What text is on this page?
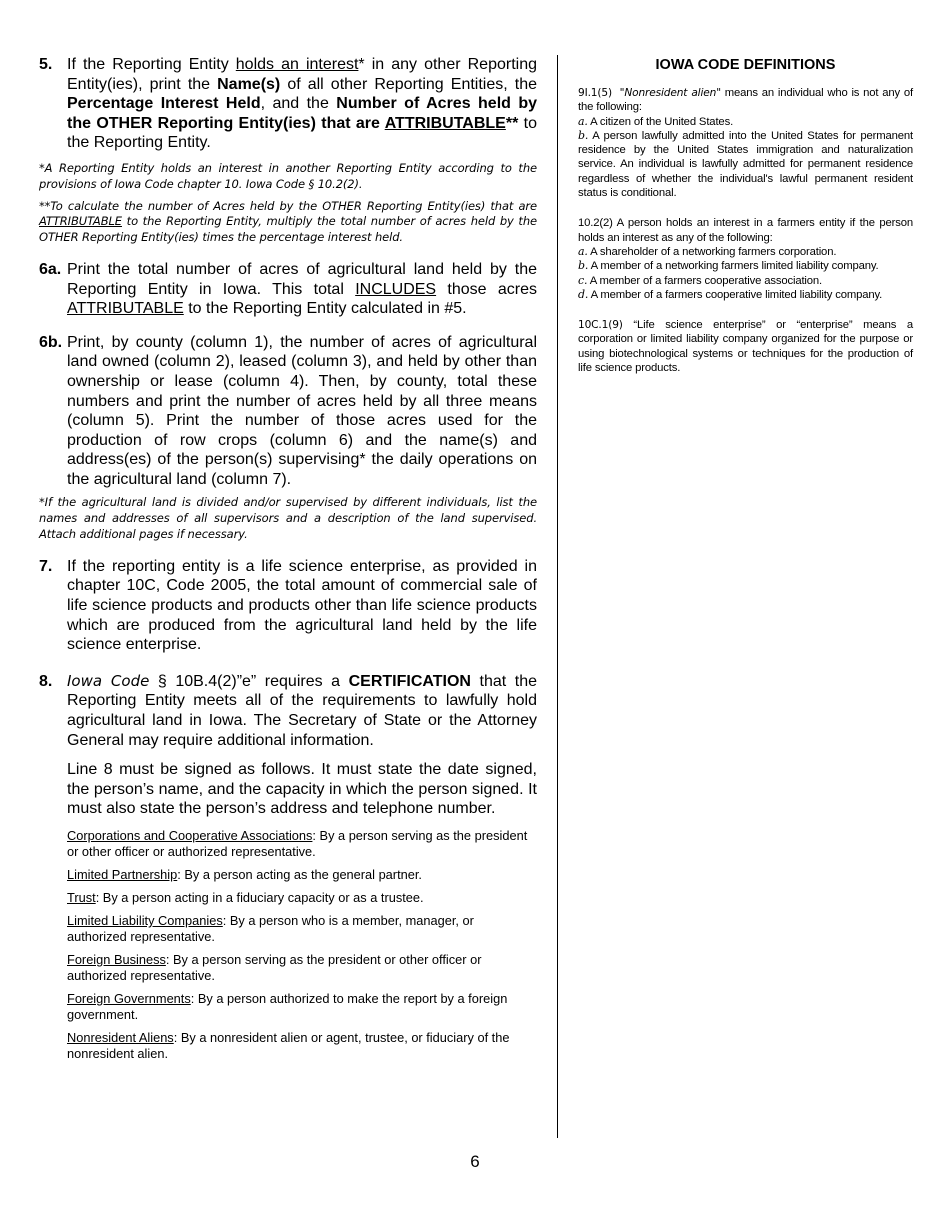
5. If the Reporting Entity holds an interest* in any other Reporting Entity(ies), print the Name(s) of all other Reporting Entities, the Percentage Interest Held, and the Number of Acres held by the OTHER Reporting Entity(ies) that are ATTRIBUTABLE** to the Reporting Entity.

*A Reporting Entity holds an interest in another Reporting Entity according to the provisions of Iowa Code chapter 10. Iowa Code § 10.2(2).

**To calculate the number of Acres held by the OTHER Reporting Entity(ies) that are ATTRIBUTABLE to the Reporting Entity, multiply the total number of acres held by the OTHER Reporting Entity(ies) times the percentage interest held.

6a. Print the total number of acres of agricultural land held by the Reporting Entity in Iowa. This total INCLUDES those acres ATTRIBUTABLE to the Reporting Entity calculated in #5.
6b. Print, by county (column 1), the number of acres of agricultural land owned (column 2), leased (column 3), and held by other than ownership or lease (column 4). Then, by county, total these numbers and print the number of acres held by all three means (column 5). Print the number of those acres used for the production of row crops (column 6) and the name(s) and address(es) of the person(s) supervising* the daily operations on the agricultural land (column 7).

*If the agricultural land is divided and/or supervised by different individuals, list the names and addresses of all supervisors and a description of the land supervised. Attach additional pages if necessary.

7. If the reporting entity is a life science enterprise, as provided in chapter 10C, Code 2005, the total amount of commercial sale of life science products and products other than life science products which are produced from the agricultural land held by the life science enterprise.
8. Iowa Code § 10B.4(2)”e” requires a CERTIFICATION that the Reporting Entity meets all of the requirements to lawfully hold agricultural land in Iowa. The Secretary of State or the Attorney General may require additional information.
Line 8 must be signed as follows. It must state the date signed, the person’s name, and the capacity in which the person signed. It must also state the person’s address and telephone number.
Corporations and Cooperative Associations: By a person serving as the president or other officer or authorized representative.
Limited Partnership: By a person acting as the general partner.
Trust: By a person acting in a fiduciary capacity or as a trustee.
Limited Liability Companies: By a person who is a member, manager, or authorized representative.
Foreign Business: By a person serving as the president or other officer or authorized representative.
Foreign Governments: By a person authorized to make the report by a foreign government.
Nonresident Aliens: By a nonresident alien or agent, trustee, or fiduciary of the nonresident alien.
IOWA CODE DEFINITIONS
9I.1(5) "Nonresident alien" means an individual who is not any of the following:
a. A citizen of the United States.
b. A person lawfully admitted into the United States for permanent residence by the United States immigration and naturalization service. An individual is lawfully admitted for permanent residence regardless of whether the individual's lawful permanent resident status is conditional.
10.2(2) A person holds an interest in a farmers entity if the person holds an interest as any of the following:
a. A shareholder of a networking farmers corporation.
b. A member of a networking farmers limited liability company.
c. A member of a farmers cooperative association.
d. A member of a farmers cooperative limited liability company.
10C.1(9) “Life science enterprise” or “enterprise” means a corporation or limited liability company organized for the purpose or using biotechnological systems or techniques for the production of life science products.
6
